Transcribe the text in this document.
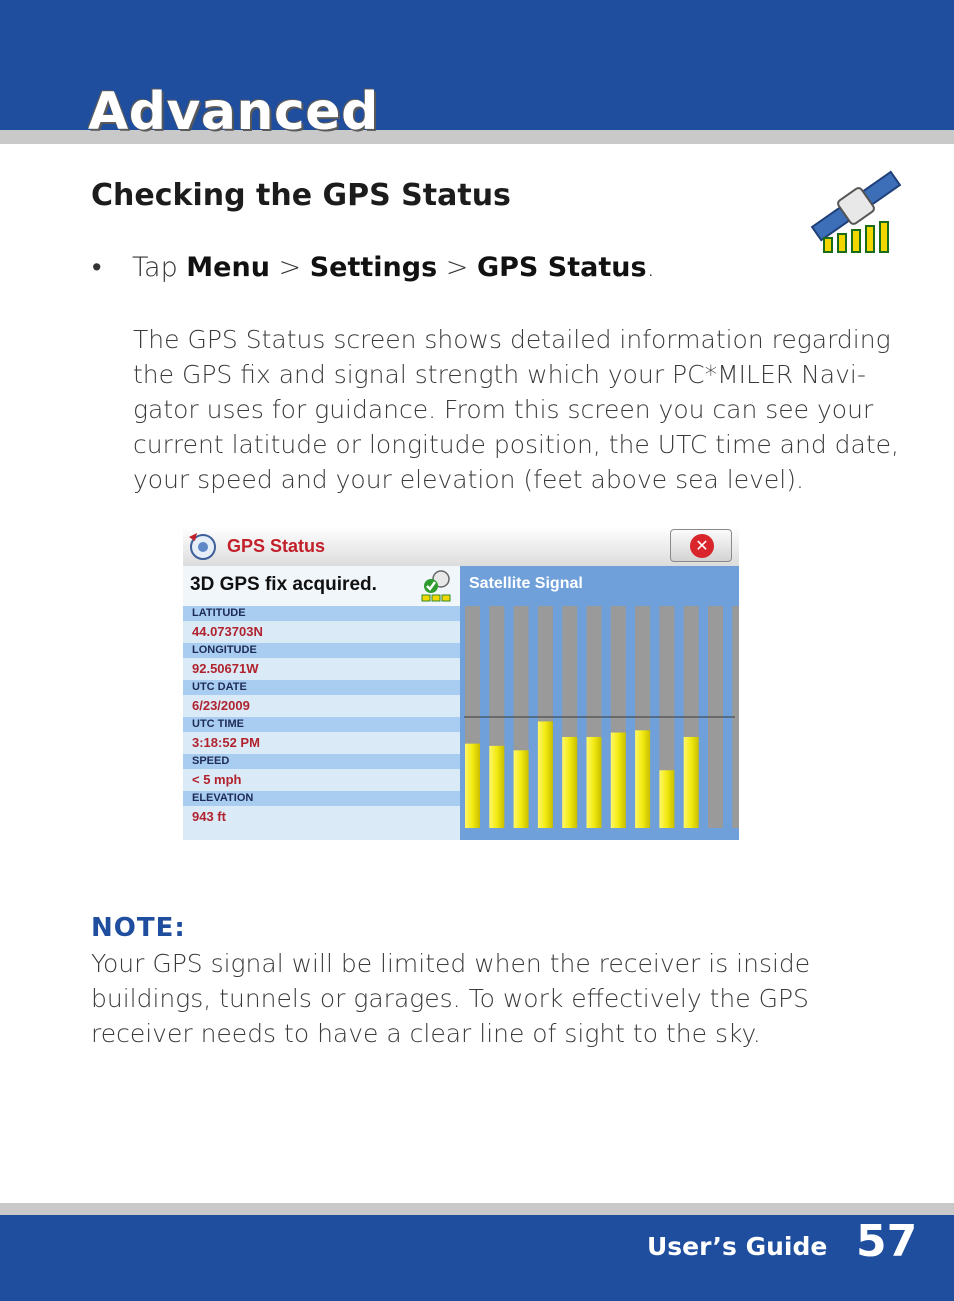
Advanced
Checking the GPS Status
• Tap Menu > Settings > GPS Status.

The GPS Status screen shows detailed information regarding
the GPS fix and signal strength which your PC*MILER Navi-
gator uses for guidance. From this screen you can see your
current latitude or longitude position, the UTC time and date,
your speed and your elevation (feet above sea level).

GPS Status	✕
3D GPS fix acquired.
LATITUDE
44.073703N
LONGITUDE
92.50671W
UTC DATE
6/23/2009
UTC TIME
3:18:52 PM
SPEED
< 5 mph
ELEVATION
943 ft
Satellite Signal
NOTE:

Your GPS signal will be limited when the receiver is inside
buildings, tunnels or garages. To work effectively the GPS
receiver needs to have a clear line of sight to the sky.

User’s Guide 57
